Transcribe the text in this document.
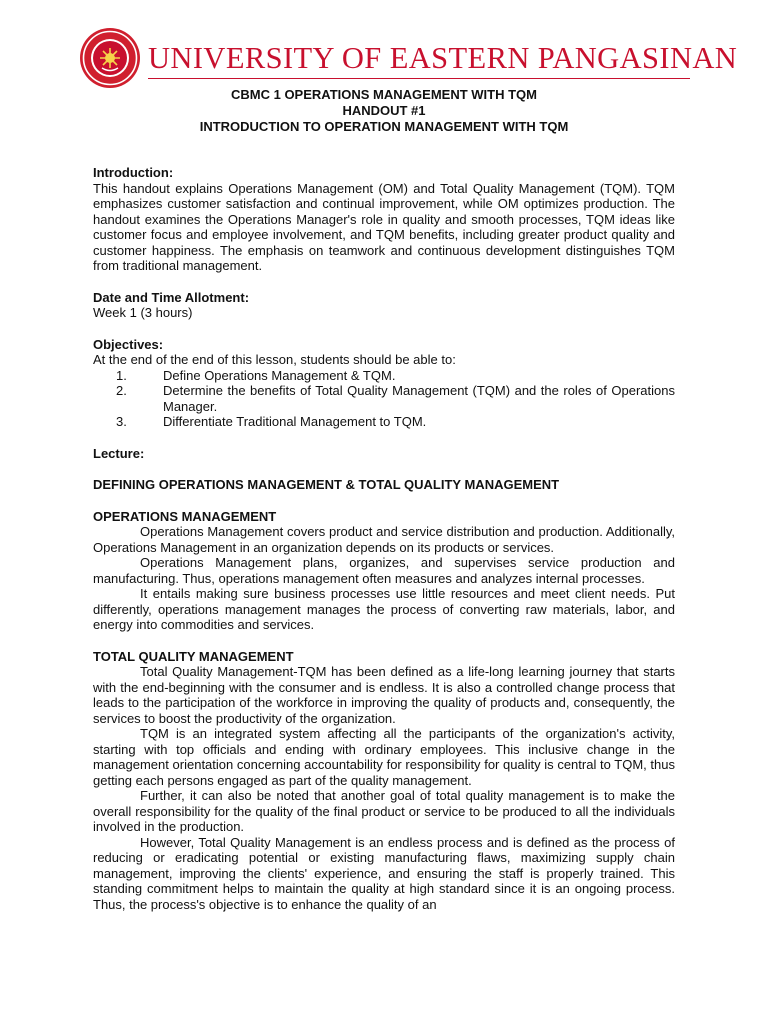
UNIVERSITY OF EASTERN PANGASINAN
CBMC 1 OPERATIONS MANAGEMENT WITH TQM
HANDOUT #1
INTRODUCTION TO OPERATION MANAGEMENT WITH TQM

Introduction:

This handout explains Operations Management (OM) and Total Quality Management (TQM). TQM emphasizes customer satisfaction and continual improvement, while OM optimizes production. The handout examines the Operations Manager's role in quality and smooth processes, TQM ideas like customer focus and employee involvement, and TQM benefits, including greater product quality and customer happiness. The emphasis on teamwork and continuous development distinguishes TQM from traditional management.

Date and Time Allotment:

Week 1 (3 hours)

Objectives:

At the end of the end of this lesson, students should be able to:

1.	Define Operations Management & TQM.
2.	Determine the benefits of Total Quality Management (TQM) and the roles of Operations Manager.
3.	Differentiate Traditional Management to TQM.

Lecture:

DEFINING OPERATIONS MANAGEMENT & TOTAL QUALITY MANAGEMENT

OPERATIONS MANAGEMENT

Operations Management covers product and service distribution and production. Additionally, Operations Management in an organization depends on its products or services.

Operations Management plans, organizes, and supervises service production and manufacturing. Thus, operations management often measures and analyzes internal processes.

It entails making sure business processes use little resources and meet client needs. Put differently, operations management manages the process of converting raw materials, labor, and energy into commodities and services.

TOTAL QUALITY MANAGEMENT

Total Quality Management-TQM has been defined as a life-long learning journey that starts with the end-beginning with the consumer and is endless. It is also a controlled change process that leads to the participation of the workforce in improving the quality of products and, consequently, the services to boost the productivity of the organization.

TQM is an integrated system affecting all the participants of the organization's activity, starting with top officials and ending with ordinary employees. This inclusive change in the management orientation concerning accountability for responsibility for quality is central to TQM, thus getting each persons engaged as part of the quality management.

Further, it can also be noted that another goal of total quality management is to make the overall responsibility for the quality of the final product or service to be produced to all the individuals involved in the production.

However, Total Quality Management is an endless process and is defined as the process of reducing or eradicating potential or existing manufacturing flaws, maximizing supply chain management, improving the clients' experience, and ensuring the staff is properly trained. This standing commitment helps to maintain the quality at high standard since it is an ongoing process. Thus, the process's objective is to enhance the quality of an
